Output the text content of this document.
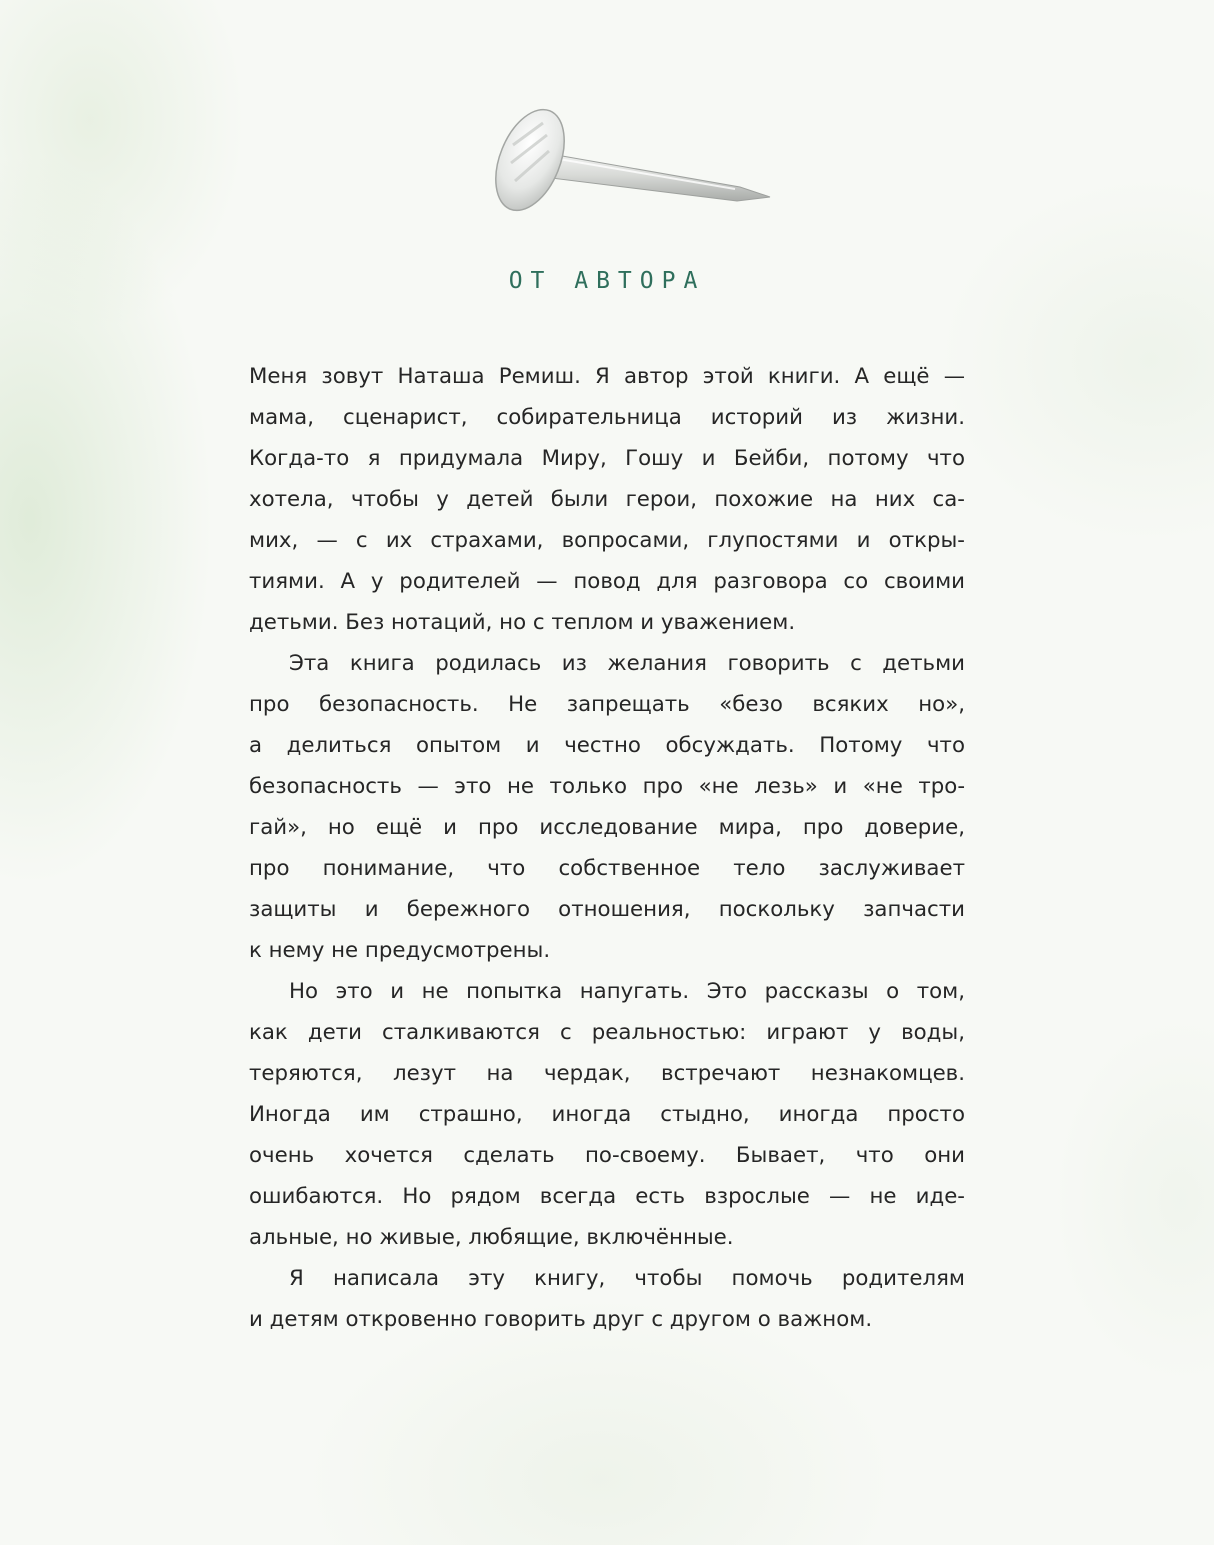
ОТ АВТОРА

Меня зовут Наташа Ремиш. Я автор этой книги. А ещё —

мама, сценарист, собирательница историй из жизни.

Когда-то я придумала Миру, Гошу и Бейби, потому что

хотела, чтобы у детей были герои, похожие на них са-

мих, — с их страхами, вопросами, глупостями и откры-

тиями. А у родителей — повод для разговора со своими

детьми. Без нотаций, но с теплом и уважением.

Эта книга родилась из желания говорить с детьми

про безопасность. Не запрещать «безо всяких но»,

а делиться опытом и честно обсуждать. Потому что

безопасность — это не только про «не лезь» и «не тро-

гай», но ещё и про исследование мира, про доверие,

про понимание, что собственное тело заслуживает

защиты и бережного отношения, поскольку запчасти

к нему не предусмотрены.

Но это и не попытка напугать. Это рассказы о том,

как дети сталкиваются с реальностью: играют у воды,

теряются, лезут на чердак, встречают незнакомцев.

Иногда им страшно, иногда стыдно, иногда просто

очень хочется сделать по-своему. Бывает, что они

ошибаются. Но рядом всегда есть взрослые — не иде-

альные, но живые, любящие, включённые.

Я написала эту книгу, чтобы помочь родителям

и детям откровенно говорить друг с другом о важном.
